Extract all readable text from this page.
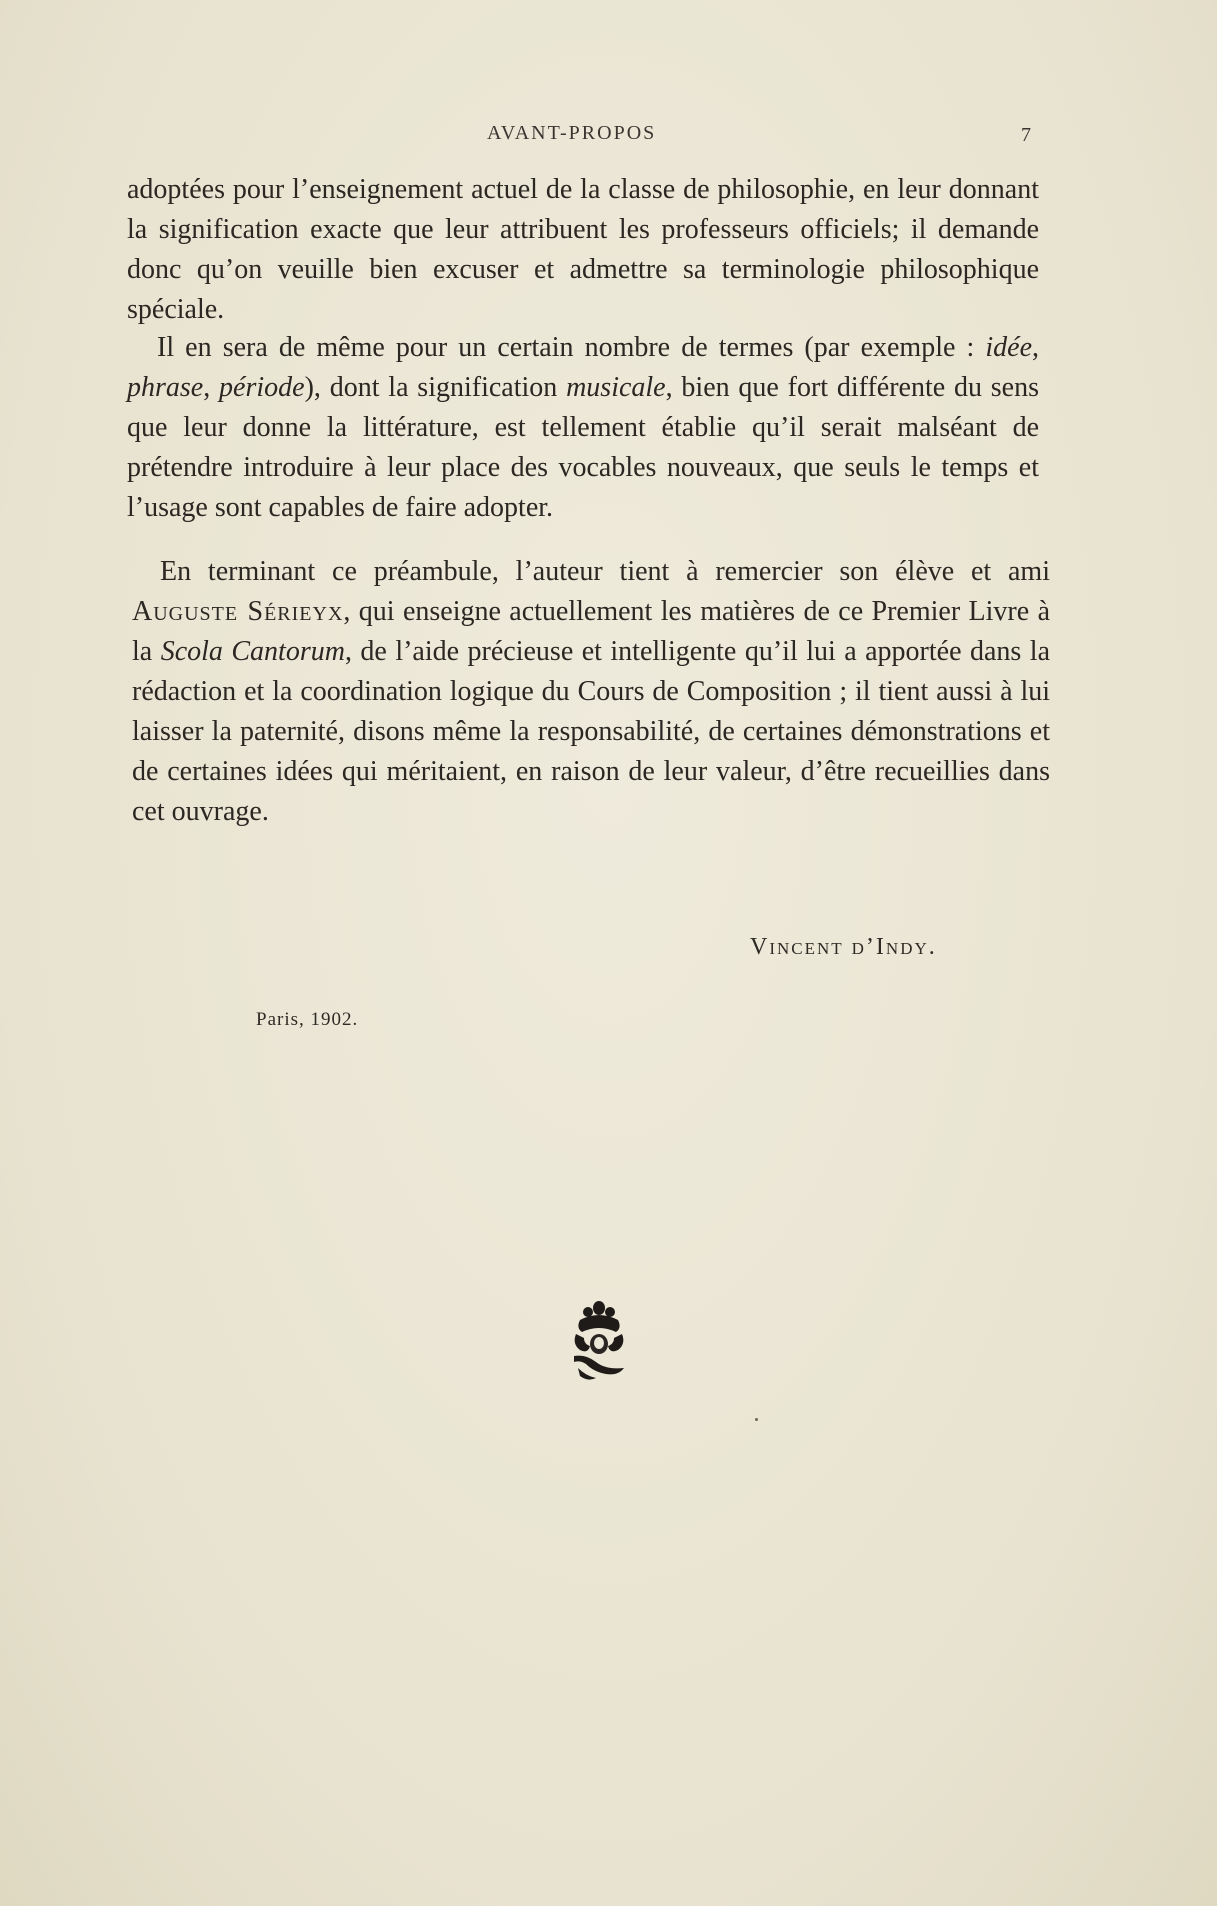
AVANT-PROPOS	7

adoptées pour l’enseignement actuel de la classe de philosophie, en leur donnant la signification exacte que leur attribuent les professeurs officiels; il demande donc qu’on veuille bien excuser et admettre sa terminologie philosophique spéciale.

Il en sera de même pour un certain nombre de termes (par exemple : idée, phrase, période), dont la signification musicale, bien que fort différente du sens que leur donne la littérature, est tellement établie qu’il serait malséant de prétendre introduire à leur place des vocables nouveaux, que seuls le temps et l’usage sont capables de faire adopter.

En terminant ce préambule, l’auteur tient à remercier son élève et ami Auguste Sérieyx, qui enseigne actuellement les matières de ce Premier Livre à la Scola Cantorum, de l’aide précieuse et intelligente qu’il lui a apportée dans la rédaction et la coordination logique du Cours de Composition ; il tient aussi à lui laisser la paternité, disons même la responsabilité, de certaines démonstrations et de certaines idées qui méritaient, en raison de leur valeur, d’être recueillies dans cet ouvrage.

Vincent d’Indy.
Paris, 1902.
